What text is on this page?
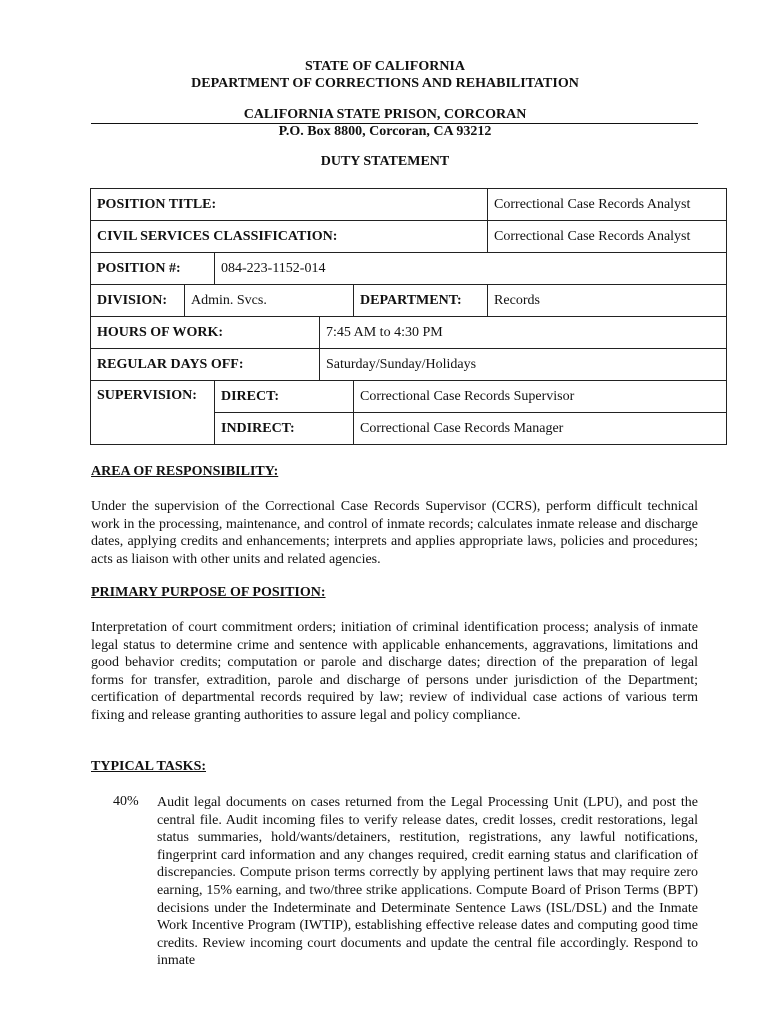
STATE OF CALIFORNIA
DEPARTMENT OF CORRECTIONS AND REHABILITATION
CALIFORNIA STATE PRISON, CORCORAN
P.O. Box 8800, Corcoran, CA 93212
DUTY STATEMENT
POSITION TITLE:					Correctional Case Records Analyst
CIVIL SERVICES CLASSIFICATION:					Correctional Case Records Analyst
POSITION #:		084-223-1152-014			
DIVISION:	Admin. Svcs.			DEPARTMENT:	Records
HOURS OF WORK:			7:45 AM to 4:30 PM		
REGULAR DAYS OFF:			Saturday/Sunday/Holidays		
SUPERVISION:		DIRECT:		Correctional Case Records Supervisor	
		INDIRECT:		Correctional Case Records Manager	
AREA OF RESPONSIBILITY:
Under the supervision of the Correctional Case Records Supervisor (CCRS), perform difficult technical work in the processing, maintenance, and control of inmate records; calculates inmate release and discharge dates, applying credits and enhancements; interprets and applies appropriate laws, policies and procedures; acts as liaison with other units and related agencies.
PRIMARY PURPOSE OF POSITION:
Interpretation of court commitment orders; initiation of criminal identification process; analysis of inmate legal status to determine crime and sentence with applicable enhancements, aggravations, limitations and good behavior credits; computation or parole and discharge dates; direction of the preparation of legal forms for transfer, extradition, parole and discharge of persons under jurisdiction of the Department; certification of departmental records required by law; review of individual case actions of various term fixing and release granting authorities to assure legal and policy compliance.
TYPICAL TASKS:
40% Audit legal documents on cases returned from the Legal Processing Unit (LPU), and post the central file. Audit incoming files to verify release dates, credit losses, credit restorations, legal status summaries, hold/wants/detainers, restitution, registrations, any lawful notifications, fingerprint card information and any changes required, credit earning status and clarification of discrepancies. Compute prison terms correctly by applying pertinent laws that may require zero earning, 15% earning, and two/three strike applications. Compute Board of Prison Terms (BPT) decisions under the Indeterminate and Determinate Sentence Laws (ISL/DSL) and the Inmate Work Incentive Program (IWTIP), establishing effective release dates and computing good time credits. Review incoming court documents and update the central file accordingly. Respond to inmate
